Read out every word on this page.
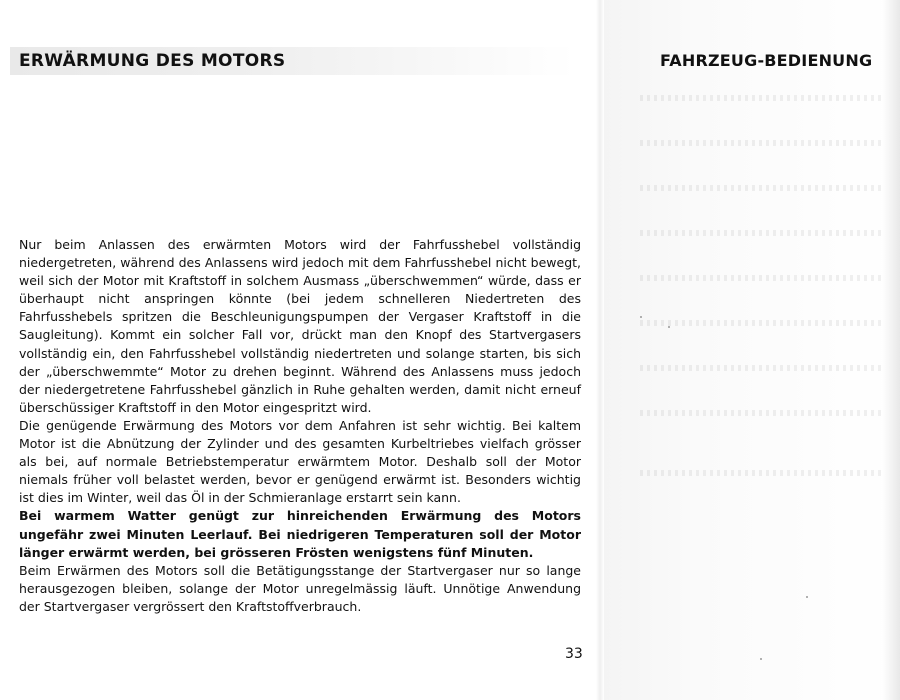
ERWÄRMUNG DES MOTORS	FAHRZEUG-BEDIENUNG

Nur beim Anlassen des erwärmten Motors wird der Fahrfusshebel vollständig niedergetreten, während des Anlassens wird jedoch mit dem Fahrfusshebel nicht bewegt, weil sich der Motor mit Kraftstoff in solchem Ausmass „überschwemmen“ würde, dass er überhaupt nicht anspringen könnte (bei jedem schnelleren Niedertreten des Fahrfusshebels spritzen die Beschleunigungspumpen der Vergaser Kraftstoff in die Saugleitung). Kommt ein solcher Fall vor, drückt man den Knopf des Startvergasers vollständig ein, den Fahrfusshebel vollständig niedertreten und solange starten, bis sich der „überschwemmte“ Motor zu drehen beginnt. Während des Anlassens muss jedoch der niedergetretene Fahrfusshebel gänzlich in Ruhe gehalten werden, damit nicht erneuf überschüssiger Kraftstoff in den Motor eingespritzt wird.

Die genügende Erwärmung des Motors vor dem Anfahren ist sehr wichtig. Bei kaltem Motor ist die Abnützung der Zylinder und des gesamten Kurbeltriebes vielfach grösser als bei, auf normale Betriebstemperatur erwärmtem Motor. Deshalb soll der Motor niemals früher voll belastet werden, bevor er genügend erwärmt ist. Besonders wichtig ist dies im Winter, weil das Öl in der Schmieranlage erstarrt sein kann.

Bei warmem Watter genügt zur hinreichenden Erwärmung des Motors ungefähr zwei Minuten Leerlauf. Bei niedrigeren Temperaturen soll der Motor länger erwärmt werden, bei grösseren Frösten wenigstens fünf Minuten.

Beim Erwärmen des Motors soll die Betätigungsstange der Startvergaser nur so lange herausgezogen bleiben, solange der Motor unregelmässig läuft. Unnötige Anwendung der Startvergaser vergrössert den Kraftstoffverbrauch.

33
